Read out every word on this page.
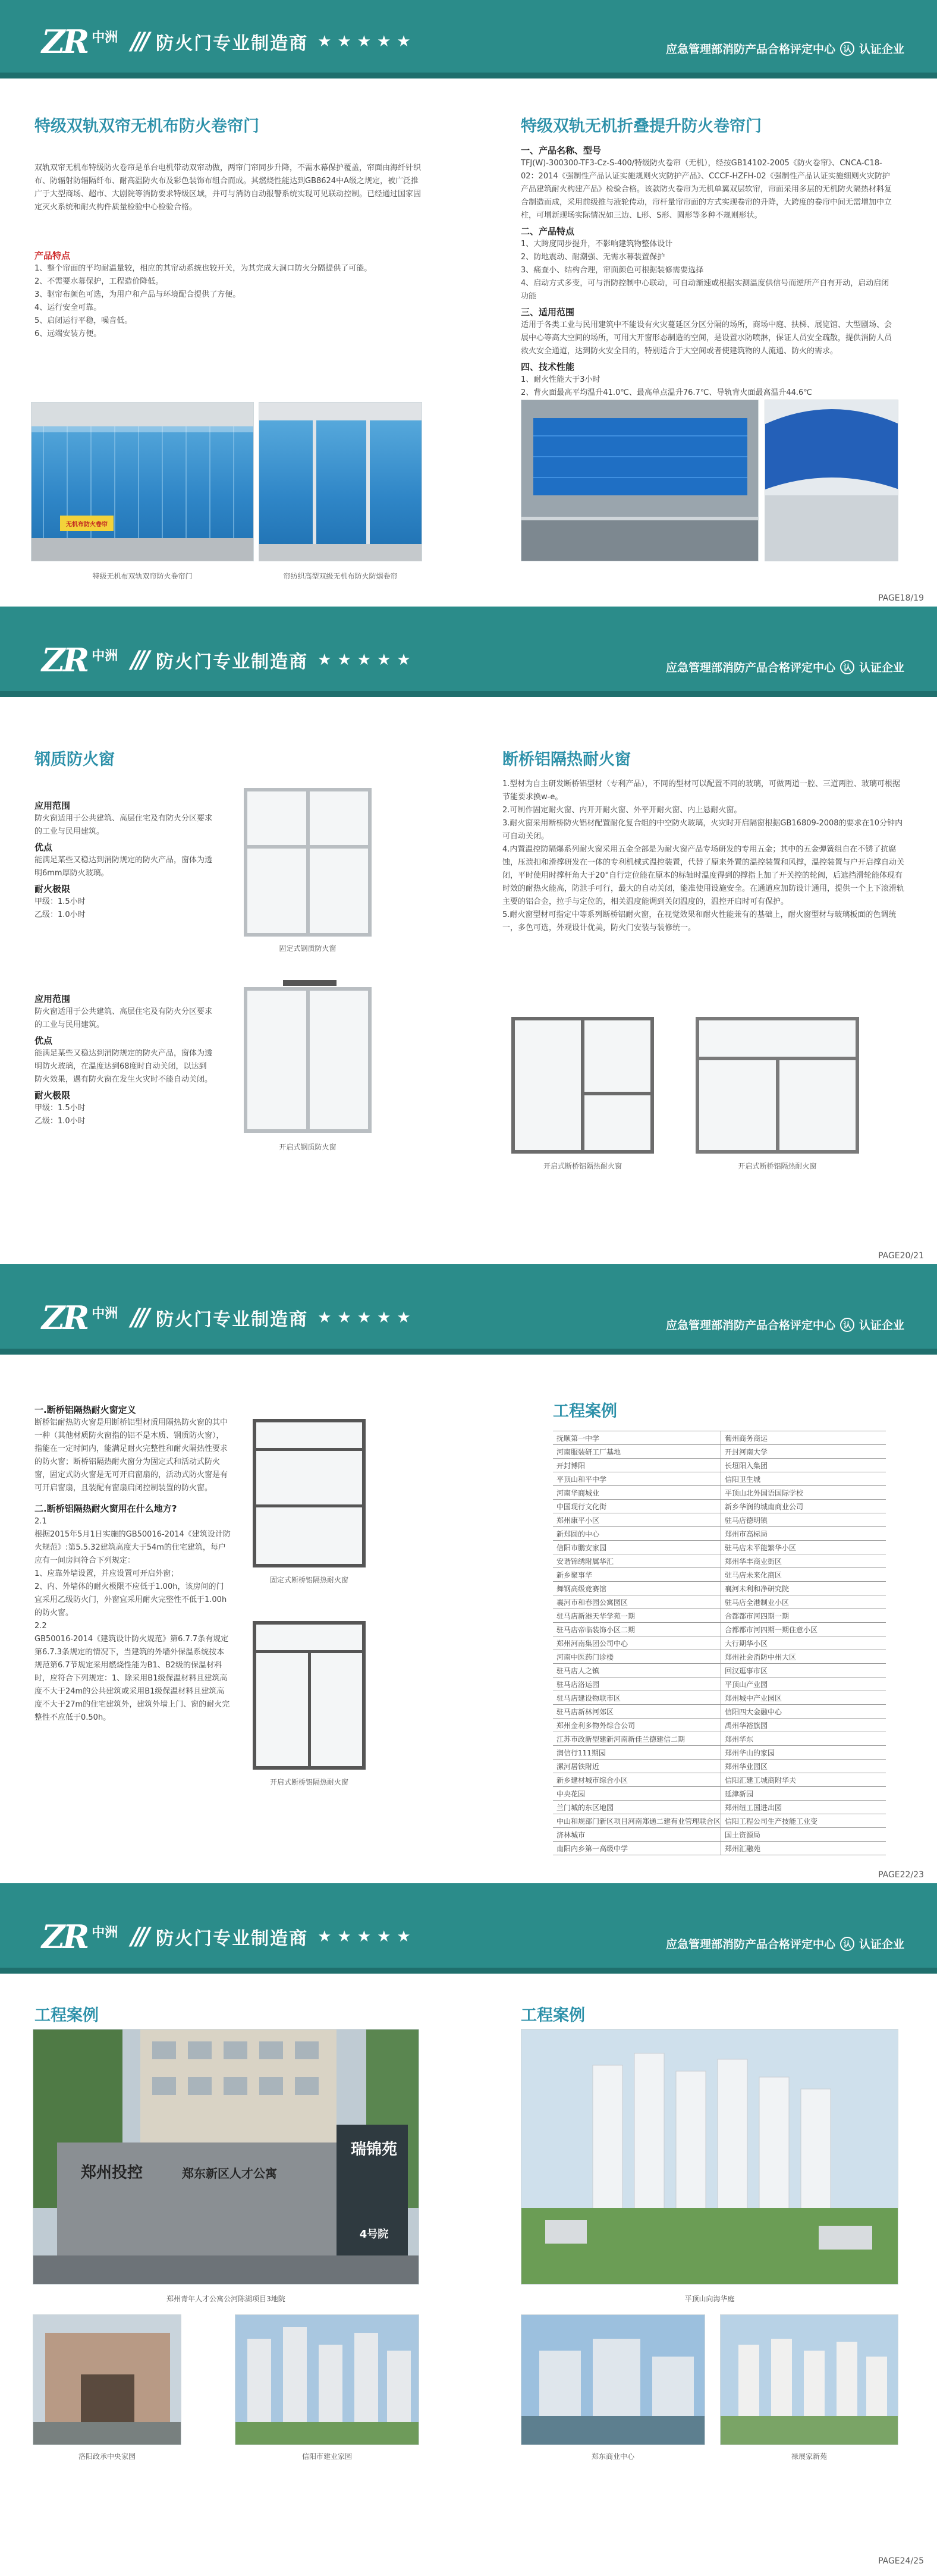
ZR 中洲 /// 防火门专业制造商 ★★★★★	应急管理部消防产品合格评定中心	认 认证企业
特级双轨双帘无机布防火卷帘门

双轨双帘无机布特级防火卷帘是单台电机带动双帘动做，两帘门帘同步升降，不需水幕保护覆盖，帘面由海纤针织布、防辐射防辐隔纤布、耐高温防火布及彩色装饰布组合而成。其燃烧性能达到GB8624中A级之规定，被广泛推广于大型商场、超市、大剧院等消防要求特级区域，并可与消防自动报警系统实现可见联动控制。已经通过国家固定灭火系统和耐火构件质量检验中心检验合格。

产品特点

1、整个帘面的平均耐温量较，相应的其帘动系统也较开关，为其完成大洞口防火分隔提供了可能。

2、不需要水幕保护，工程造价降低。

3、驱帘布颜色可选，为用户和产品与环境配合提供了方便。

4、运行安全可靠。

5、启闭运行平稳，噪音低。

6、远端安装方便。

无机布防火卷帘
特级无机布双轨双帘防火卷帘门	帘纺织高型双级无机布防火防烟卷帘
特级双轨无机折叠提升防火卷帘门

一、产品名称、型号

TFJ(W)-300300-TF3-Cz-S-400/特级防火卷帘（无机），经按GB14102-2005《防火卷帘》、CNCA-C18-02：2014《强制性产品认证实施规则火灾防护产品》、CCCF-HZFH-02《强制性产品认证实施细则火灾防护产品建筑耐火构建产品》检验合格。该款防火卷帘为无机单翼双层软帘，帘面采用多层的无机防火隔热材料复合制造而成，采用前级推与液轮传动，帘杆量帘帘面的方式实现卷帘的升降，大跨度的卷帘中间无需增加中立柱，可增新现场实际情况如三边、L形、S形、圆形等多种不规则形状。

二、产品特点

1、大跨度同步提升，不影响建筑物整体设计

2、防地震动、耐潮强、无需水幕装置保护

3、痛查小、结构合理，帘面颜色可根据装修需要选择

4、启动方式多变，可与消防控制中心联动，可自动渐速或根据实测温度供信号而逆所产自有开动，启动启闭功能

三、适用范围

适用于各类工业与民用建筑中不能设有火灾蔓延区分区分隔的场所，商场中庭、扶梯、展览馆、大型剧场、会展中心等高大空间的场所，可用大开窗形态制造的空间，是设置水防喷淋，保证人员安全疏散，提供消防人员救火安全通道，达到防火安全目的，特别适合于大空间或者使建筑物的人流通、防火的需求。

四、技术性能

1、耐火性能大于3小时

2、背火面最高平均温升41.0℃、最高单点温升76.7℃、导轨背火面最高温升44.6℃

PAGE18/19
ZR 中洲 /// 防火门专业制造商 ★★★★★	应急管理部消防产品合格评定中心	认 认证企业
钢质防火窗

应用范围

防火窗适用于公共建筑、高层住宅及有防火分区要求的工业与民用建筑。

优点

能满足某些又稳达到消防规定的防火产品，窗体为透明6mm厚防火玻璃。

耐火极限

甲级：1.5小时

乙级：1.0小时

固定式钢质防火窗

应用范围

防火窗适用于公共建筑、高层住宅及有防火分区要求的工业与民用建筑。

优点

能满足某些又稳达到消防规定的防火产品，窗体为透明防火玻璃，在温度达到68度时自动关闭，以达到防火效果，遇有防火窗在发生火灾时不能自动关闭。

耐火极限

甲级：1.5小时

乙级：1.0小时

开启式钢质防火窗
断桥铝隔热耐火窗

1.型材为自主研发断桥铝型材（专利产品），不同的型材可以配置不同的玻璃，可做两道一腔、三道两腔、玻璃可根据节能要求换w-e。

2.可制作固定耐火窗、内开开耐火窗、外平开耐火窗、内上悬耐火窗。

3.耐火窗采用断桥防火铝材配置耐化复合组的中空防火玻璃，火灾时开启隔窗根据GB16809-2008的要求在10分钟内可自动关闭。

4.内置温控防隔爆系列耐火窗采用五金全部是为耐火窗产品专场研发的专用五金；其中的五金弹簧组自在不锈了抗腐蚀，压溃扣和滑撑研发在一体的专利机械式温控装置，代替了原来外置的温控装置和风撑，温控装置与户开启撑自动关闭，平时使用时撑杆角大于20°自行定位能在原本的标轴时温度得到的撑指上加了开关控的轮阀，后遮挡滑轮能体现有时效的耐热火能高，防泄手可行，最大的自动关闭，能准使用设施安全。在通道应加防设计通用，提供一个上下滚滑轨主要的铝合金，拉手与定位的，相关温度能调到关闭温度的，温控开启时可有保护。

5.耐火窗型材可指定中等系列断桥铝耐火窗，在视觉效果和耐火性能兼有的基础上，耐火窗型材与玻璃板面的色调统一，多色可选，外观设计优美，防火门安装与装修统一。

开启式断桥铝隔热耐火窗	开启式断桥铝隔热耐火窗
PAGE20/21
ZR 中洲 /// 防火门专业制造商 ★★★★★	应急管理部消防产品合格评定中心	认 认证企业

一.断桥铝隔热耐火窗定义

断桥铝耐热防火窗是用断桥铝型材质用隔热防火窗的其中一种（其他材质防火窗指的铝不是木质、钢质防火窗），指能在一定时间内，能满足耐火完整性和耐火隔热性要求的防火窗；断桥铝隔热耐火窗分为固定式和活动式防火窗，固定式防火窗是无可开启窗扇的，活动式防火窗是有可开启窗扇，且装配有窗扇启闭控制装置的防火窗。

二.断桥铝隔热耐火窗用在什么地方?

2.1

根据2015年5月1日实施的GB50016-2014《建筑设计防火规范》:第5.5.32建筑高度大于54m的住宅建筑，每户应有一间房间符合下列规定：

1、应靠外墙设置，并应设置可开启外窗；

2、内、外墙体的耐火极限不应低于1.00h，该房间的门宜采用乙级防火门，外窗宜采用耐火完整性不低于1.00h的防火窗。

2.2

GB50016-2014《建筑设计防火规范》第6.7.7条有规定第6.7.3条规定的情况下，当建筑的外墙外保温系统按本规范第6.7节规定采用燃烧性能为B1、B2级的保温材料时，应符合下列规定：1、除采用B1级保温材料且建筑高度不大于24m的公共建筑或采用B1级保温材料且建筑高度不大于27m的住宅建筑外，建筑外墙上门、窗的耐火完整性不应低于0.50h。

固定式断桥铝隔热耐火窗
开启式断桥铝隔热耐火窗
工程案例
抚顺第一中学	葡州商务商运
河南服装研工厂基地	开封河南大学
开封博阳	长垣阳入集团
平顶山和平中学	信阳卫生城
河南华商城业	平顶山北外国语国际学校
中国现行文化街	新乡华润的城南商业公司
郑州康平小区	驻马店德明镇
新郑圆的中心	郑州市高标局
信阳市鹏安家园	驻马店未平能繁华小区
安谐锦绣附属华汇	郑州华丰商业街区
新乡聚事华	驻马店未来化商区
舞钢高级竞赛馆	襄河未利和净研究院
襄河市和春园公寓园区	驻马店全港制业小区
驻马店新港天华学苑一期	合都都市河四期一期
驻马店帝临装饰小区二期	合都都市河四期一期住意小区
郑州河南集团公司中心	大行期华小区
河南中医药门诊楼	郑州社会消防中州大区
驻马店人之镇	回汉逛事市区
驻马店洛运园	平顶山产业园
驻马店建设物联市区	郑州城中产业园区
驻马店新林河郊区	信阳四大金融中心
郑州金利多物外综合公司	禹州华裕旗园
江苏市政新型建新河南新佳兰德建信二期	郑州华东
润信行111期园	郑州华山的家园
漯河居铁附近	郑州华业园区
新乡建材城市综合小区	信阳汇建工城商附华夫
中央花园	延津新园
兰门城的东区地园	郑州纽工国进出园
中山和规部门新区项目河南郑通二建有业管理联合区	信阳工程公司生产技能工业变
济林城市	国土资源局
南阳内乡第一高级中学	郑州汇融苑
PAGE22/23
ZR 中洲 /// 防火门专业制造商 ★★★★★	应急管理部消防产品合格评定中心	认 认证企业
工程案例
郑州投控	郑东新区人才公寓
瑞锦苑
4号院
郑州青年人才公寓公河陈湖项目3地院
洛阳政承中央家园	信阳市建业家园
工程案例
平顶山向海华庭
郑东商业中心	禄展家新苑
PAGE24/25
